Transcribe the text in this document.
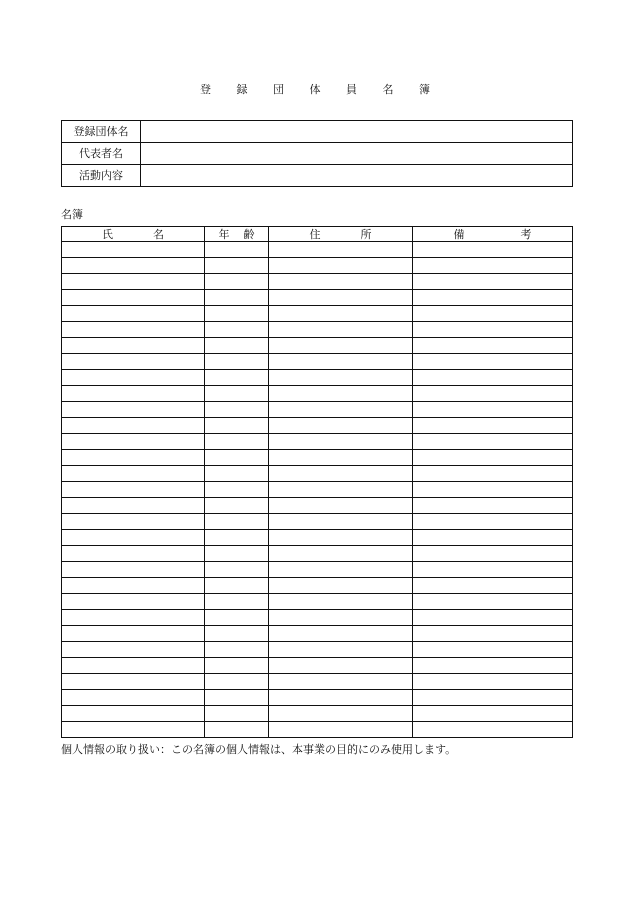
登 録 団 体 員 名 簿
登録団体名	
代表者名	
活動内容	
名簿
氏 名	年 齢	住 所	備 考

個人情報の取り扱い：この名簿の個人情報は、本事業の目的にのみ使用します。
